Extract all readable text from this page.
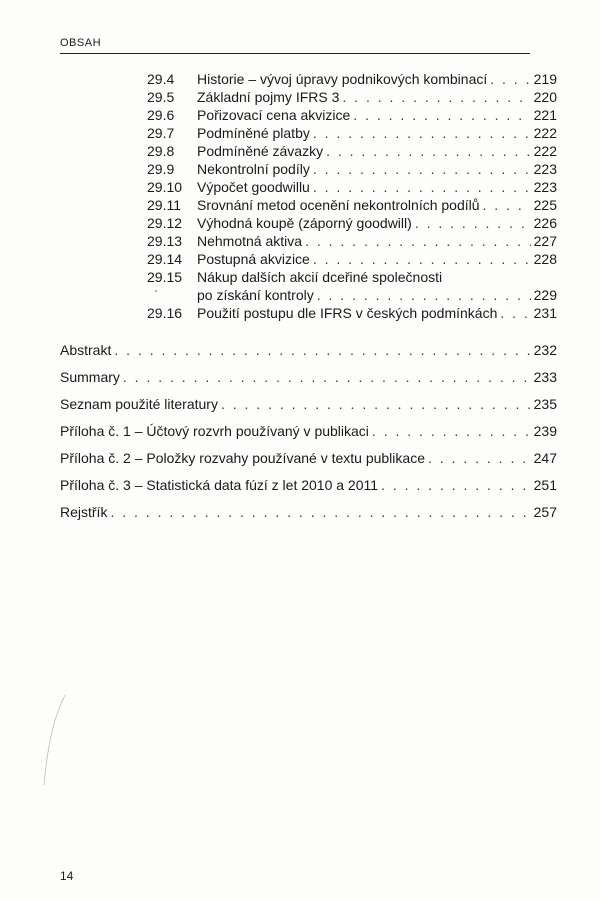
OBSAH
29.4 Historie – vývoj úpravy podnikových kombinací . . .	219
29.5 Základní pojmy IFRS 3 . . .	220
29.6 Pořizovací cena akvizice . . .	221
29.7 Podmíněné platby . . .	222
29.8 Podmíněné závazky . . .	222
29.9 Nekontrolní podíly . . .	223
29.10 Výpočet goodwillu . . .	223
29.11 Srovnání metod ocenění nekontrolních podílů . . .	225
29.12 Výhodná koupě (záporný goodwill) . . .	226
29.13 Nehmotná aktiva . . .	227
29.14 Postupná akvizice . . .	228
29.15 Nákup dalších akcií dceřiné společnosti
po získání kontroly . . .	229
29.16 Použití postupu dle IFRS v českých podmínkách . . .	231
Abstrakt . . .	232
Summary . . .	233
Seznam použité literatury . . .	235
Příloha č. 1 – Účtový rozvrh používaný v publikaci . . .	239
Příloha č. 2 – Položky rozvahy používané v textu publikace . . .	247
Příloha č. 3 – Statistická data fúzí z let 2010 a 2011 . . .	251
Rejstřík . . .	257
14
